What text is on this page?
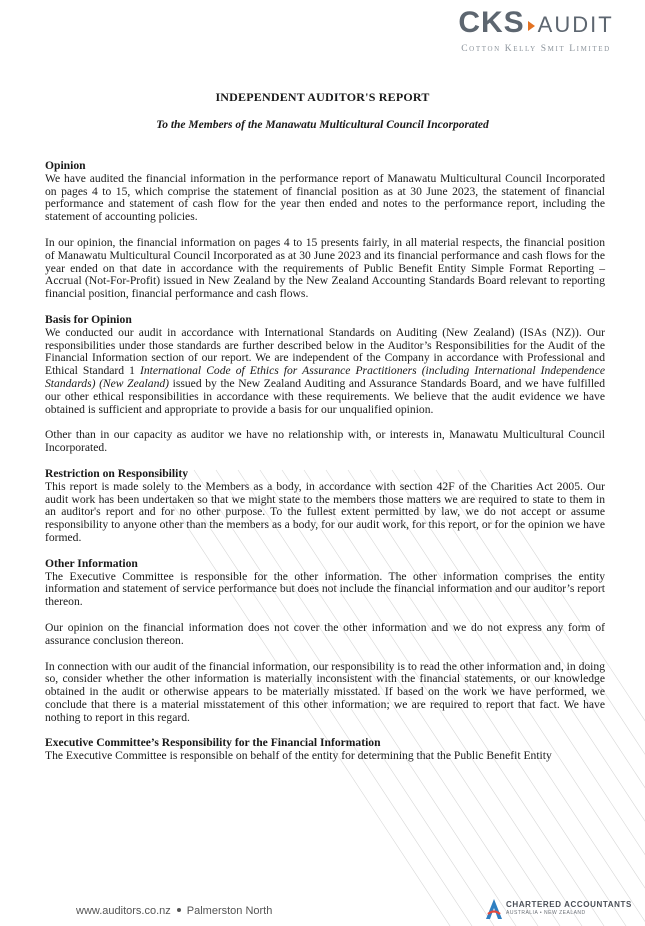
CKS AUDIT
Cotton Kelly Smit Limited
INDEPENDENT AUDITOR'S REPORT

To the Members of the Manawatu Multicultural Council Incorporated

Opinion

We have audited the financial information in the performance report of Manawatu Multicultural Council Incorporated on pages 4 to 15, which comprise the statement of financial position as at 30 June 2023, the statement of financial performance and statement of cash flow for the year then ended and notes to the performance report, including the statement of accounting policies.

In our opinion, the financial information on pages 4 to 15 presents fairly, in all material respects, the financial position of Manawatu Multicultural Council Incorporated as at 30 June 2023 and its financial performance and cash flows for the year ended on that date in accordance with the requirements of Public Benefit Entity Simple Format Reporting – Accrual (Not-For-Profit) issued in New Zealand by the New Zealand Accounting Standards Board relevant to reporting financial position, financial performance and cash flows.

Basis for Opinion

We conducted our audit in accordance with International Standards on Auditing (New Zealand) (ISAs (NZ)). Our responsibilities under those standards are further described below in the Auditor’s Responsibilities for the Audit of the Financial Information section of our report. We are independent of the Company in accordance with Professional and Ethical Standard 1 International Code of Ethics for Assurance Practitioners (including International Independence Standards) (New Zealand) issued by the New Zealand Auditing and Assurance Standards Board, and we have fulfilled our other ethical responsibilities in accordance with these requirements. We believe that the audit evidence we have obtained is sufficient and appropriate to provide a basis for our unqualified opinion.

Other than in our capacity as auditor we have no relationship with, or interests in, Manawatu Multicultural Council Incorporated.

Restriction on Responsibility

This report is made solely to the Members as a body, in accordance with section 42F of the Charities Act 2005. Our audit work has been undertaken so that we might state to the members those matters we are required to state to them in an auditor's report and for no other purpose. To the fullest extent permitted by law, we do not accept or assume responsibility to anyone other than the members as a body, for our audit work, for this report, or for the opinion we have formed.

Other Information

The Executive Committee is responsible for the other information. The other information comprises the entity information and statement of service performance but does not include the financial information and our auditor’s report thereon.

Our opinion on the financial information does not cover the other information and we do not express any form of assurance conclusion thereon.

In connection with our audit of the financial information, our responsibility is to read the other information and, in doing so, consider whether the other information is materially inconsistent with the financial statements, or our knowledge obtained in the audit or otherwise appears to be materially misstated. If based on the work we have performed, we conclude that there is a material misstatement of this other information; we are required to report that fact. We have nothing to report in this regard.

Executive Committee’s Responsibility for the Financial Information

The Executive Committee is responsible on behalf of the entity for determining that the Public Benefit Entity

www.auditors.co.nz Palmerston North
CHARTERED ACCOUNTANTS
AUSTRALIA • NEW ZEALAND
